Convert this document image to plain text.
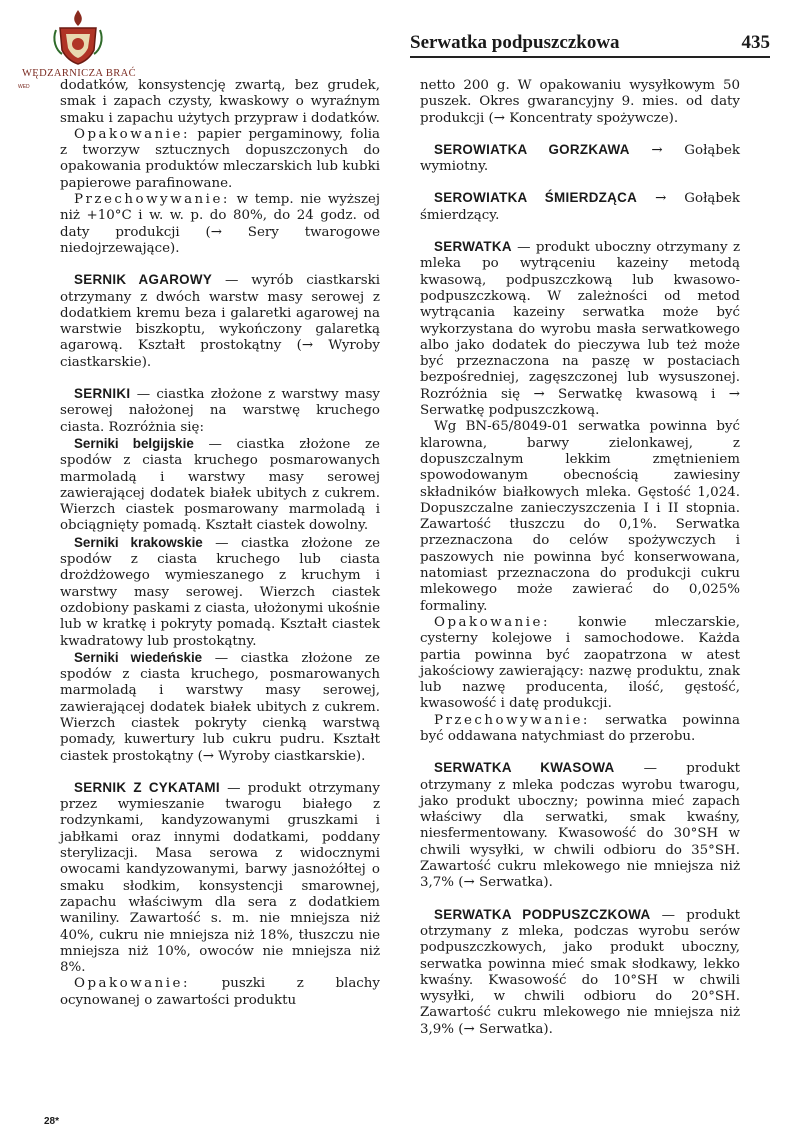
WĘDZARNICZA BRAĆ
WED
Serwatka podpuszczkowa	435

dodatków, konsystencję zwartą, bez grudek, smak i zapach czysty, kwaskowy o wyraźnym smaku i zapachu użytych przypraw i dodatków.

Opakowanie: papier pergaminowy, folia z tworzyw sztucznych dopuszczonych do opakowania produktów mleczarskich lub kubki papierowe parafinowane.

Przechowywanie: w temp. nie wyższej niż +10°C i w. w. p. do 80%, do 24 godz. od daty produkcji (→ Sery twarogowe niedojrzewające).

SERNIK AGAROWY — wyrób ciastkarski otrzymany z dwóch warstw masy serowej z dodatkiem kremu beza i galaretki agarowej na warstwie biszkoptu, wykończony galaretką agarową. Kształt prostokątny (→ Wyroby ciastkarskie).

SERNIKI — ciastka złożone z warstwy masy serowej nałożonej na warstwę kruchego ciasta. Rozróżnia się:

Serniki belgijskie — ciastka złożone ze spodów z ciasta kruchego posmarowanych marmoladą i warstwy masy serowej zawierającej dodatek białek ubitych z cukrem. Wierzch ciastek posmarowany marmoladą i obciągnięty pomadą. Kształt ciastek dowolny.

Serniki krakowskie — ciastka złożone ze spodów z ciasta kruchego lub ciasta drożdżowego wymieszanego z kruchym i warstwy masy serowej. Wierzch ciastek ozdobiony paskami z ciasta, ułożonymi ukośnie lub w kratkę i pokryty pomadą. Kształt ciastek kwadratowy lub prostokątny.

Serniki wiedeńskie — ciastka złożone ze spodów z ciasta kruchego, posmarowanych marmoladą i warstwy masy serowej, zawierającej dodatek białek ubitych z cukrem. Wierzch ciastek pokryty cienką warstwą pomady, kuwertury lub cukru pudru. Kształt ciastek prostokątny (→ Wyroby ciastkarskie).

SERNIK Z CYKATAMI — produkt otrzymany przez wymieszanie twarogu białego z rodzynkami, kandyzowanymi gruszkami i jabłkami oraz innymi dodatkami, poddany sterylizacji. Masa serowa z widocznymi owocami kandyzowanymi, barwy jasnożółtej o smaku słodkim, konsystencji smarownej, zapachu właściwym dla sera z dodatkiem waniliny. Zawartość s. m. nie mniejsza niż 40%, cukru nie mniejsza niż 18%, tłuszczu nie mniejsza niż 10%, owoców nie mniejsza niż 8%.

Opakowanie: puszki z blachy ocynowanej o zawartości produktu

netto 200 g. W opakowaniu wysyłkowym 50 puszek. Okres gwarancyjny 9. mies. od daty produkcji (→ Koncentraty spożywcze).

SEROWIATKA GORZKAWA → Gołąbek wymiotny.

SEROWIATKA ŚMIERDZĄCA → Gołąbek śmierdzący.

SERWATKA — produkt uboczny otrzymany z mleka po wytrąceniu kazeiny metodą kwasową, podpuszczkową lub kwasowo-podpuszczkową. W zależności od metod wytrącania kazeiny serwatka może być wykorzystana do wyrobu masła serwatkowego albo jako dodatek do pieczywa lub też może być przeznaczona na paszę w postaciach bezpośredniej, zagęszczonej lub wysuszonej. Rozróżnia się → Serwatkę kwasową i → Serwatkę podpuszczkową.

Wg BN-65/8049-01 serwatka powinna być klarowna, barwy zielonkawej, z dopuszczalnym lekkim zmętnieniem spowodowanym obecnością zawiesiny składników białkowych mleka. Gęstość 1,024. Dopuszczalne zanieczyszczenia I i II stopnia. Zawartość tłuszczu do 0,1%. Serwatka przeznaczona do celów spożywczych i paszowych nie powinna być konserwowana, natomiast przeznaczona do produkcji cukru mlekowego może zawierać do 0,025% formaliny.

Opakowanie: konwie mleczarskie, cysterny kolejowe i samochodowe. Każda partia powinna być zaopatrzona w atest jakościowy zawierający: nazwę produktu, znak lub nazwę producenta, ilość, gęstość, kwasowość i datę produkcji.

Przechowywanie: serwatka powinna być oddawana natychmiast do przerobu.

SERWATKA KWASOWA — produkt otrzymany z mleka podczas wyrobu twarogu, jako produkt uboczny; powinna mieć zapach właściwy dla serwatki, smak kwaśny, niesfermentowany. Kwasowość do 30°SH w chwili wysyłki, w chwili odbioru do 35°SH. Zawartość cukru mlekowego nie mniejsza niż 3,7% (→ Serwatka).

SERWATKA PODPUSZCZKOWA — produkt otrzymany z mleka, podczas wyrobu serów podpuszczkowych, jako produkt uboczny, serwatka powinna mieć smak słodkawy, lekko kwaśny. Kwasowość do 10°SH w chwili wysyłki, w chwili odbioru do 20°SH. Zawartość cukru mlekowego nie mniejsza niż 3,9% (→ Serwatka).

28*
